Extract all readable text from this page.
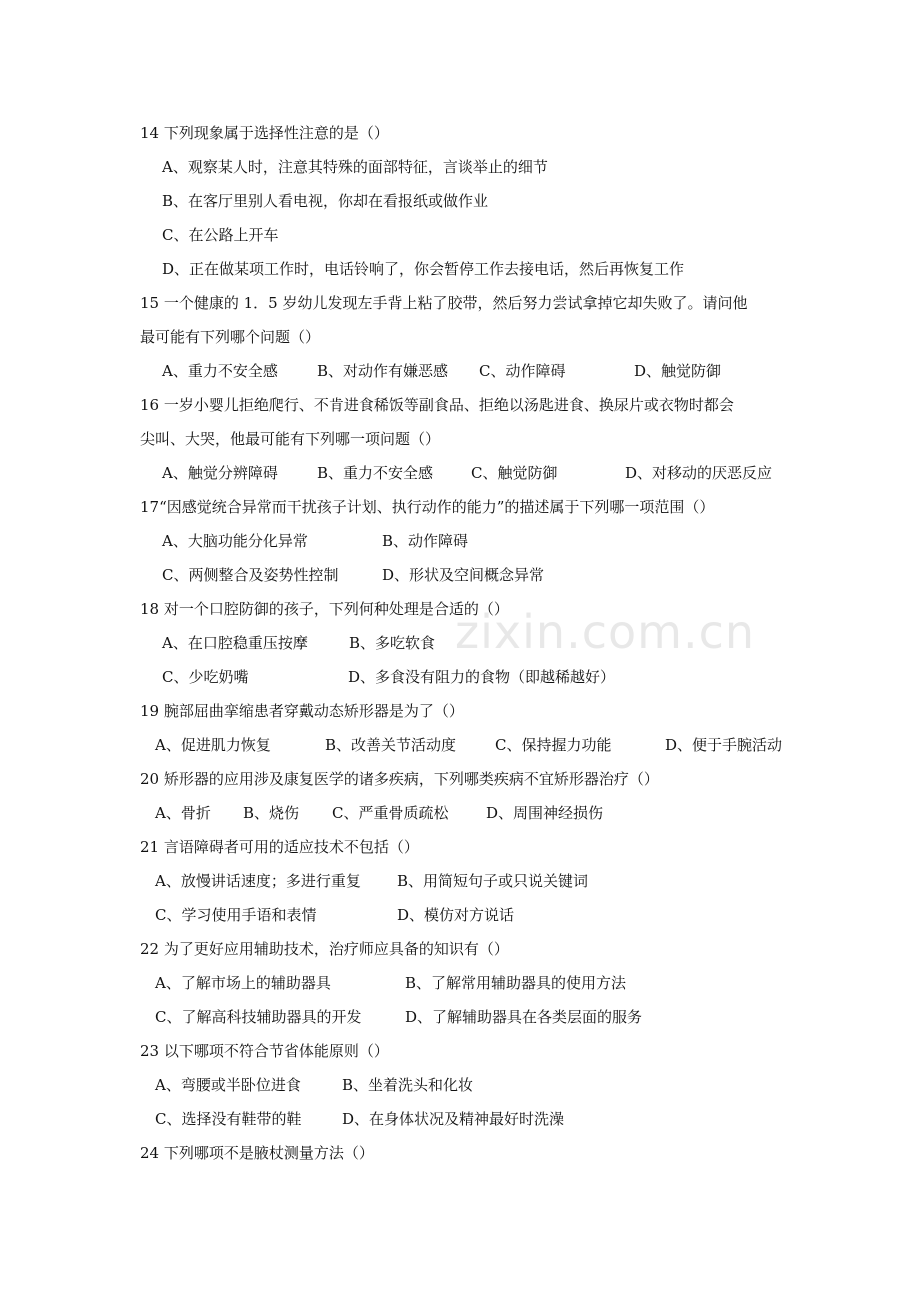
zixin.com.cn
14 下列现象属于选择性注意的是（）
A、观察某人时，注意其特殊的面部特征，言谈举止的细节
B、在客厅里别人看电视，你却在看报纸或做作业
C、在公路上开车
D、正在做某项工作时，电话铃响了，你会暂停工作去接电话，然后再恢复工作
15 一个健康的 1．5 岁幼儿发现左手背上粘了胶带，然后努力尝试拿掉它却失败了。请问他
最可能有下列哪个问题（）
A、重力不安全感	B、对动作有嫌恶感 C、动作障碍	D、触觉防御
16 一岁小婴儿拒绝爬行、不肯进食稀饭等副食品、拒绝以汤匙进食、换尿片或衣物时都会
尖叫、大哭，他最可能有下列哪一项问题（）
A、触觉分辨障碍	B、重力不安全感	C、触觉防御	D、对移动的厌恶反应
17“因感觉统合异常而干扰孩子计划、执行动作的能力”的描述属于下列哪一项范围（）
A、大脑功能分化异常	B、动作障碍
C、两侧整合及姿势性控制	D、形状及空间概念异常
18 对一个口腔防御的孩子，下列何种处理是合适的（）
A、在口腔稳重压按摩	B、多吃软食
C、少吃奶嘴	D、多食没有阻力的食物（即越稀越好）
19 腕部屈曲挛缩患者穿戴动态矫形器是为了（）
A、促进肌力恢复	B、改善关节活动度	C、保持握力功能	D、便于手腕活动
20 矫形器的应用涉及康复医学的诸多疾病，下列哪类疾病不宜矫形器治疗（）
A、骨折 B、烧伤 C、严重骨质疏松	D、周围神经损伤
21 言语障碍者可用的适应技术不包括（）
A、放慢讲话速度；多进行重复 B、用简短句子或只说关键词
C、学习使用手语和表情	D、模仿对方说话
22 为了更好应用辅助技术，治疗师应具备的知识有（）
A、了解市场上的辅助器具	B、了解常用辅助器具的使用方法
C、了解高科技辅助器具的开发	D、了解辅助器具在各类层面的服务
23 以下哪项不符合节省体能原则（）
A、弯腰或半卧位进食	B、坐着洗头和化妆
C、选择没有鞋带的鞋	D、在身体状况及精神最好时洗澡
24 下列哪项不是腋杖测量方法（）
